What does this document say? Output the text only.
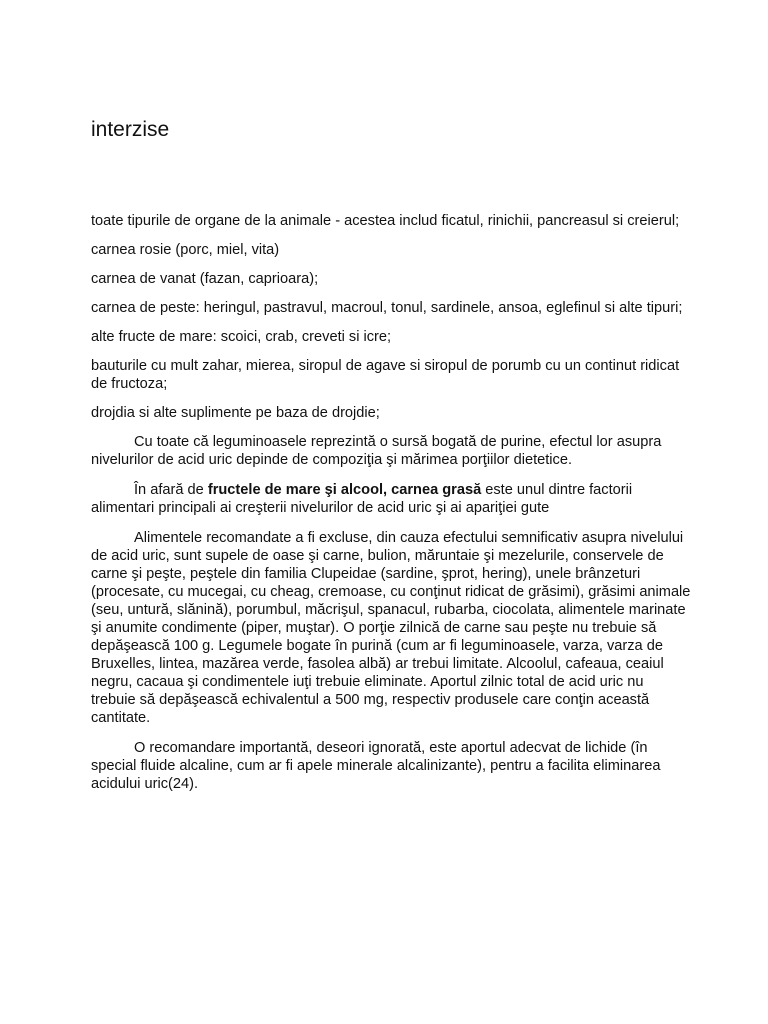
interzise

toate tipurile de organe de la animale - acestea includ ficatul, rinichii, pancreasul si creierul;

carnea rosie (porc, miel, vita)

carnea de vanat (fazan, caprioara);

carnea de peste: heringul, pastravul, macroul, tonul, sardinele, ansoa, eglefinul si alte tipuri;

alte fructe de mare: scoici, crab, creveti si icre;

bauturile cu mult zahar, mierea, siropul de agave si siropul de porumb cu un continut ridicat de fructoza;

drojdia si alte suplimente pe baza de drojdie;

Cu toate că leguminoasele reprezintă o sursă bogată de purine, efectul lor asupra nivelurilor de acid uric depinde de compoziţia şi mărimea porţiilor dietetice.

În afară de fructele de mare şi alcool, carnea grasă este unul dintre factorii alimentari principali ai creşterii nivelurilor de acid uric şi ai apariţiei gute

Alimentele recomandate a fi excluse, din cauza efectului semnificativ asupra nivelului de acid uric, sunt supele de oase şi carne, bulion, măruntaie şi mezelurile, conservele de carne şi peşte, peştele din familia Clupeidae (sardine, şprot, hering), unele brânzeturi (procesate, cu mucegai, cu cheag, cremoase, cu conţinut ridicat de grăsimi), grăsimi animale (seu, untură, slănină), porumbul, măcrişul, spanacul, rubarba, ciocolata, alimentele marinate şi anumite condimente (piper, muştar). O porţie zilnică de carne sau peşte nu trebuie să depăşească 100 g. Legumele bogate în purină (cum ar fi leguminoasele, varza, varza de Bruxelles, lintea, mazărea verde, fasolea albă) ar trebui limitate. Alcoolul, cafeaua, ceaiul negru, cacaua şi condimentele iuţi trebuie eliminate. Aportul zilnic total de acid uric nu trebuie să depăşească echivalentul a 500 mg, respectiv produsele care conţin această cantitate.

O recomandare importantă, deseori ignorată, este aportul adecvat de lichide (în special fluide alcaline, cum ar fi apele minerale alcalinizante), pentru a facilita eliminarea acidului uric(24).
